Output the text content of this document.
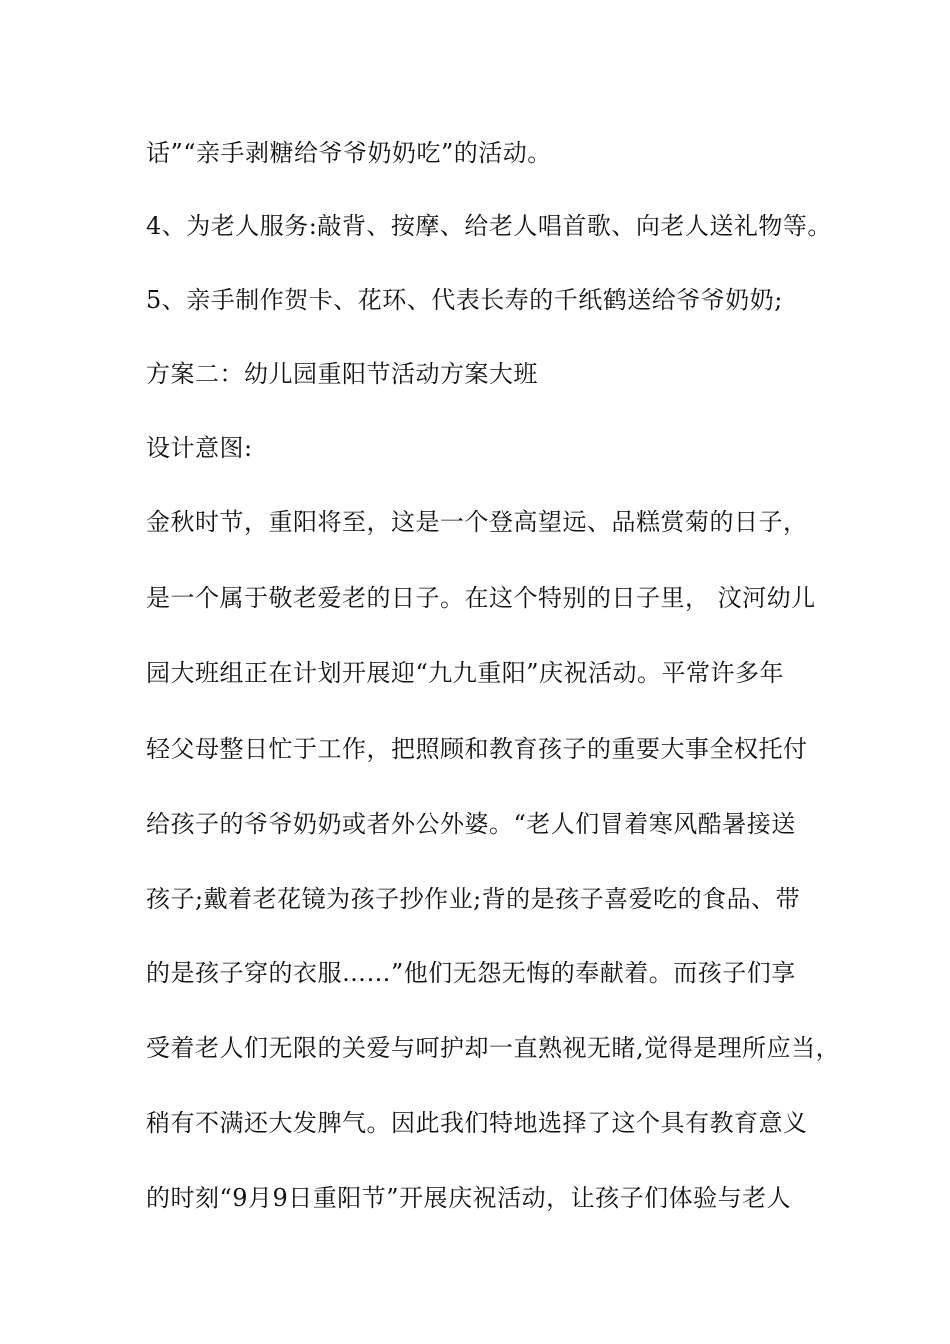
话”“亲手剥糖给爷爷奶奶吃”的活动。
4、为老人服务:敲背、按摩、给老人唱首歌、向老人送礼物等。
5、亲手制作贺卡、花环、代表长寿的千纸鹤送给爷爷奶奶;
方案二：幼儿园重阳节活动方案大班
设计意图:
金秋时节，重阳将至，这是一个登高望远、品糕赏菊的日子，
是一个属于敬老爱老的日子。在这个特别的日子里， 汶河幼儿
园大班组正在计划开展迎“九九重阳”庆祝活动。平常许多年
轻父母整日忙于工作，把照顾和教育孩子的重要大事全权托付
给孩子的爷爷奶奶或者外公外婆。“老人们冒着寒风酷暑接送
孩子;戴着老花镜为孩子抄作业;背的是孩子喜爱吃的食品、带
的是孩子穿的衣服……”他们无怨无悔的奉献着。而孩子们享
受着老人们无限的关爱与呵护却一直熟视无睹,觉得是理所应当，
稍有不满还大发脾气。因此我们特地选择了这个具有教育意义
的时刻“9月9日重阳节”开展庆祝活动，让孩子们体验与老人
